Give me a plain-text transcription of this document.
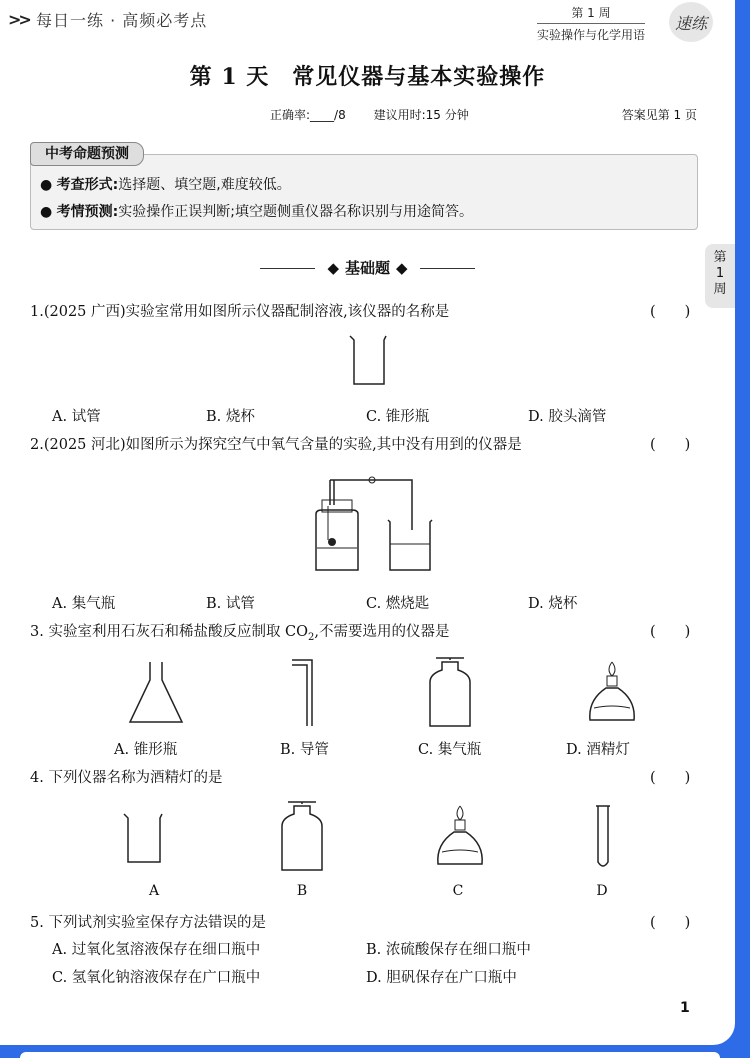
>> 每日一练 · 高频必考点	第 1 周
实验操作与化学用语
速练
第 1 天　常见仪器与基本实验操作
正确率:____/8 建议用时:15 分钟	答案见第 1 页
中考命题预测
● 考查形式:选择题、填空题,难度较低。
● 考情预测:实验操作正误判断;填空题侧重仪器名称识别与用途简答。
◆ 基础题 ◆
第
1
周
1.(2025 广西)实验室常用如图所示仪器配制溶液,该仪器的名称是	(　　)
A. 试管	B. 烧杯	C. 锥形瓶	D. 胶头滴管
2.(2025 河北)如图所示为探究空气中氧气含量的实验,其中没有用到的仪器是	(　　)
A. 集气瓶	B. 试管	C. 燃烧匙	D. 烧杯
3. 实验室利用石灰石和稀盐酸反应制取 $CO_2$,不需要选用的仪器是	(　　)
A. 锥形瓶	B. 导管	C. 集气瓶	D. 酒精灯
4. 下列仪器名称为酒精灯的是	(　　)
A	B	C	D
5. 下列试剂实验室保存方法错误的是	(　　)
A. 过氧化氢溶液保存在细口瓶中	B. 浓硫酸保存在细口瓶中
C. 氢氧化钠溶液保存在广口瓶中	D. 胆矾保存在广口瓶中
1
